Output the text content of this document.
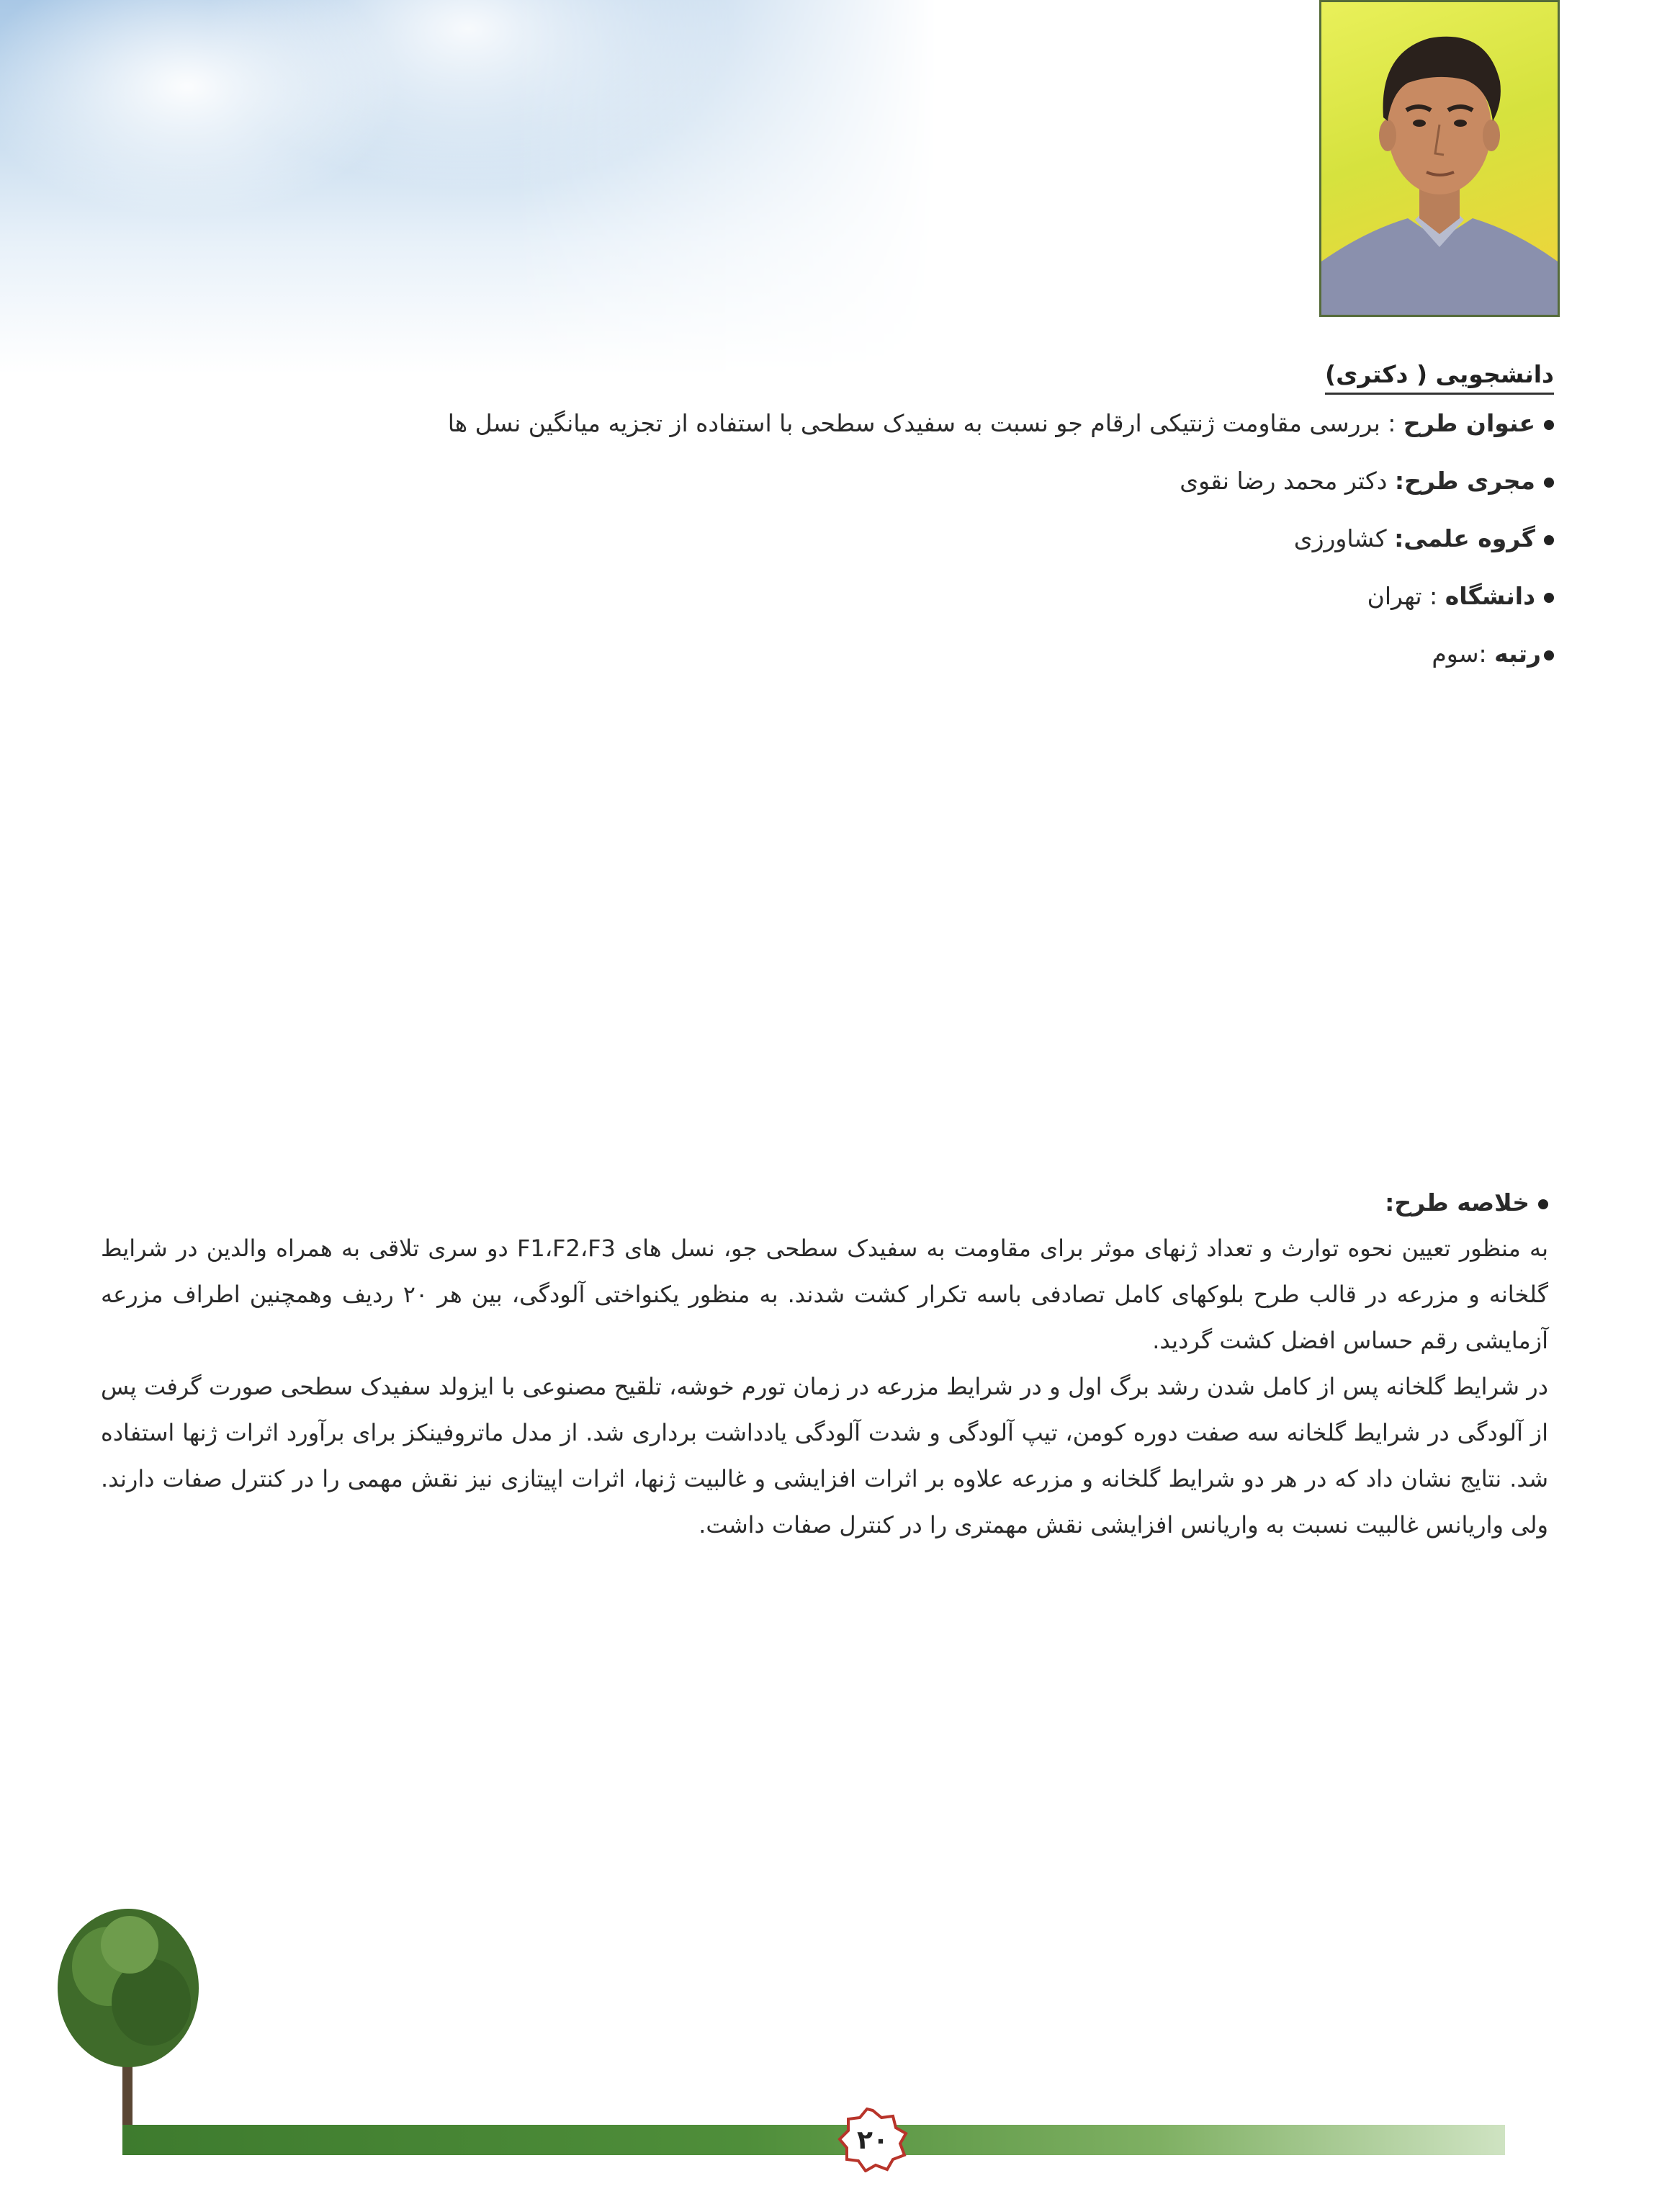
دانشجویی ( دکتری)
عنوان طرح : بررسی مقاومت ژنتیکی ارقام جو نسبت به سفیدک سطحی با استفاده از تجزیه میانگین نسل ها
مجری طرح: دکتر محمد رضا نقوی
گروه علمی: کشاورزی
دانشگاه : تهران
رتبه :سوم
خلاصه طرح:

به منظور تعیین نحوه توارث و تعداد ژنهای موثر برای مقاومت به سفیدک سطحی جو، نسل های F1،F2،F3 دو سری تلاقی به همراه والدین در شرایط گلخانه و مزرعه در قالب طرح بلوکهای کامل تصادفی باسه تکرار کشت شدند. به منظور یکنواختی آلودگی، بین هر ۲۰ ردیف وهمچنین اطراف مزرعه آزمایشی رقم حساس افضل کشت گردید.

در شرایط گلخانه پس از کامل شدن رشد برگ اول و در شرایط مزرعه در زمان تورم خوشه، تلقیح مصنوعی با ایزولد سفیدک سطحی صورت گرفت پس از آلودگی در شرایط گلخانه سه صفت دوره کومن، تیپ آلودگی و شدت آلودگی یادداشت برداری شد. از مدل ماتروفینکز برای برآورد اثرات ژنها استفاده شد. نتایج نشان داد که در هر دو شرایط گلخانه و مزرعه علاوه بر اثرات افزایشی و غالبیت ژنها، اثرات اپیتازی نیز نقش مهمی را در کنترل صفات دارند. ولی واریانس غالبیت نسبت به واریانس افزایشی نقش مهمتری را در کنترل صفات داشت.

۲۰
